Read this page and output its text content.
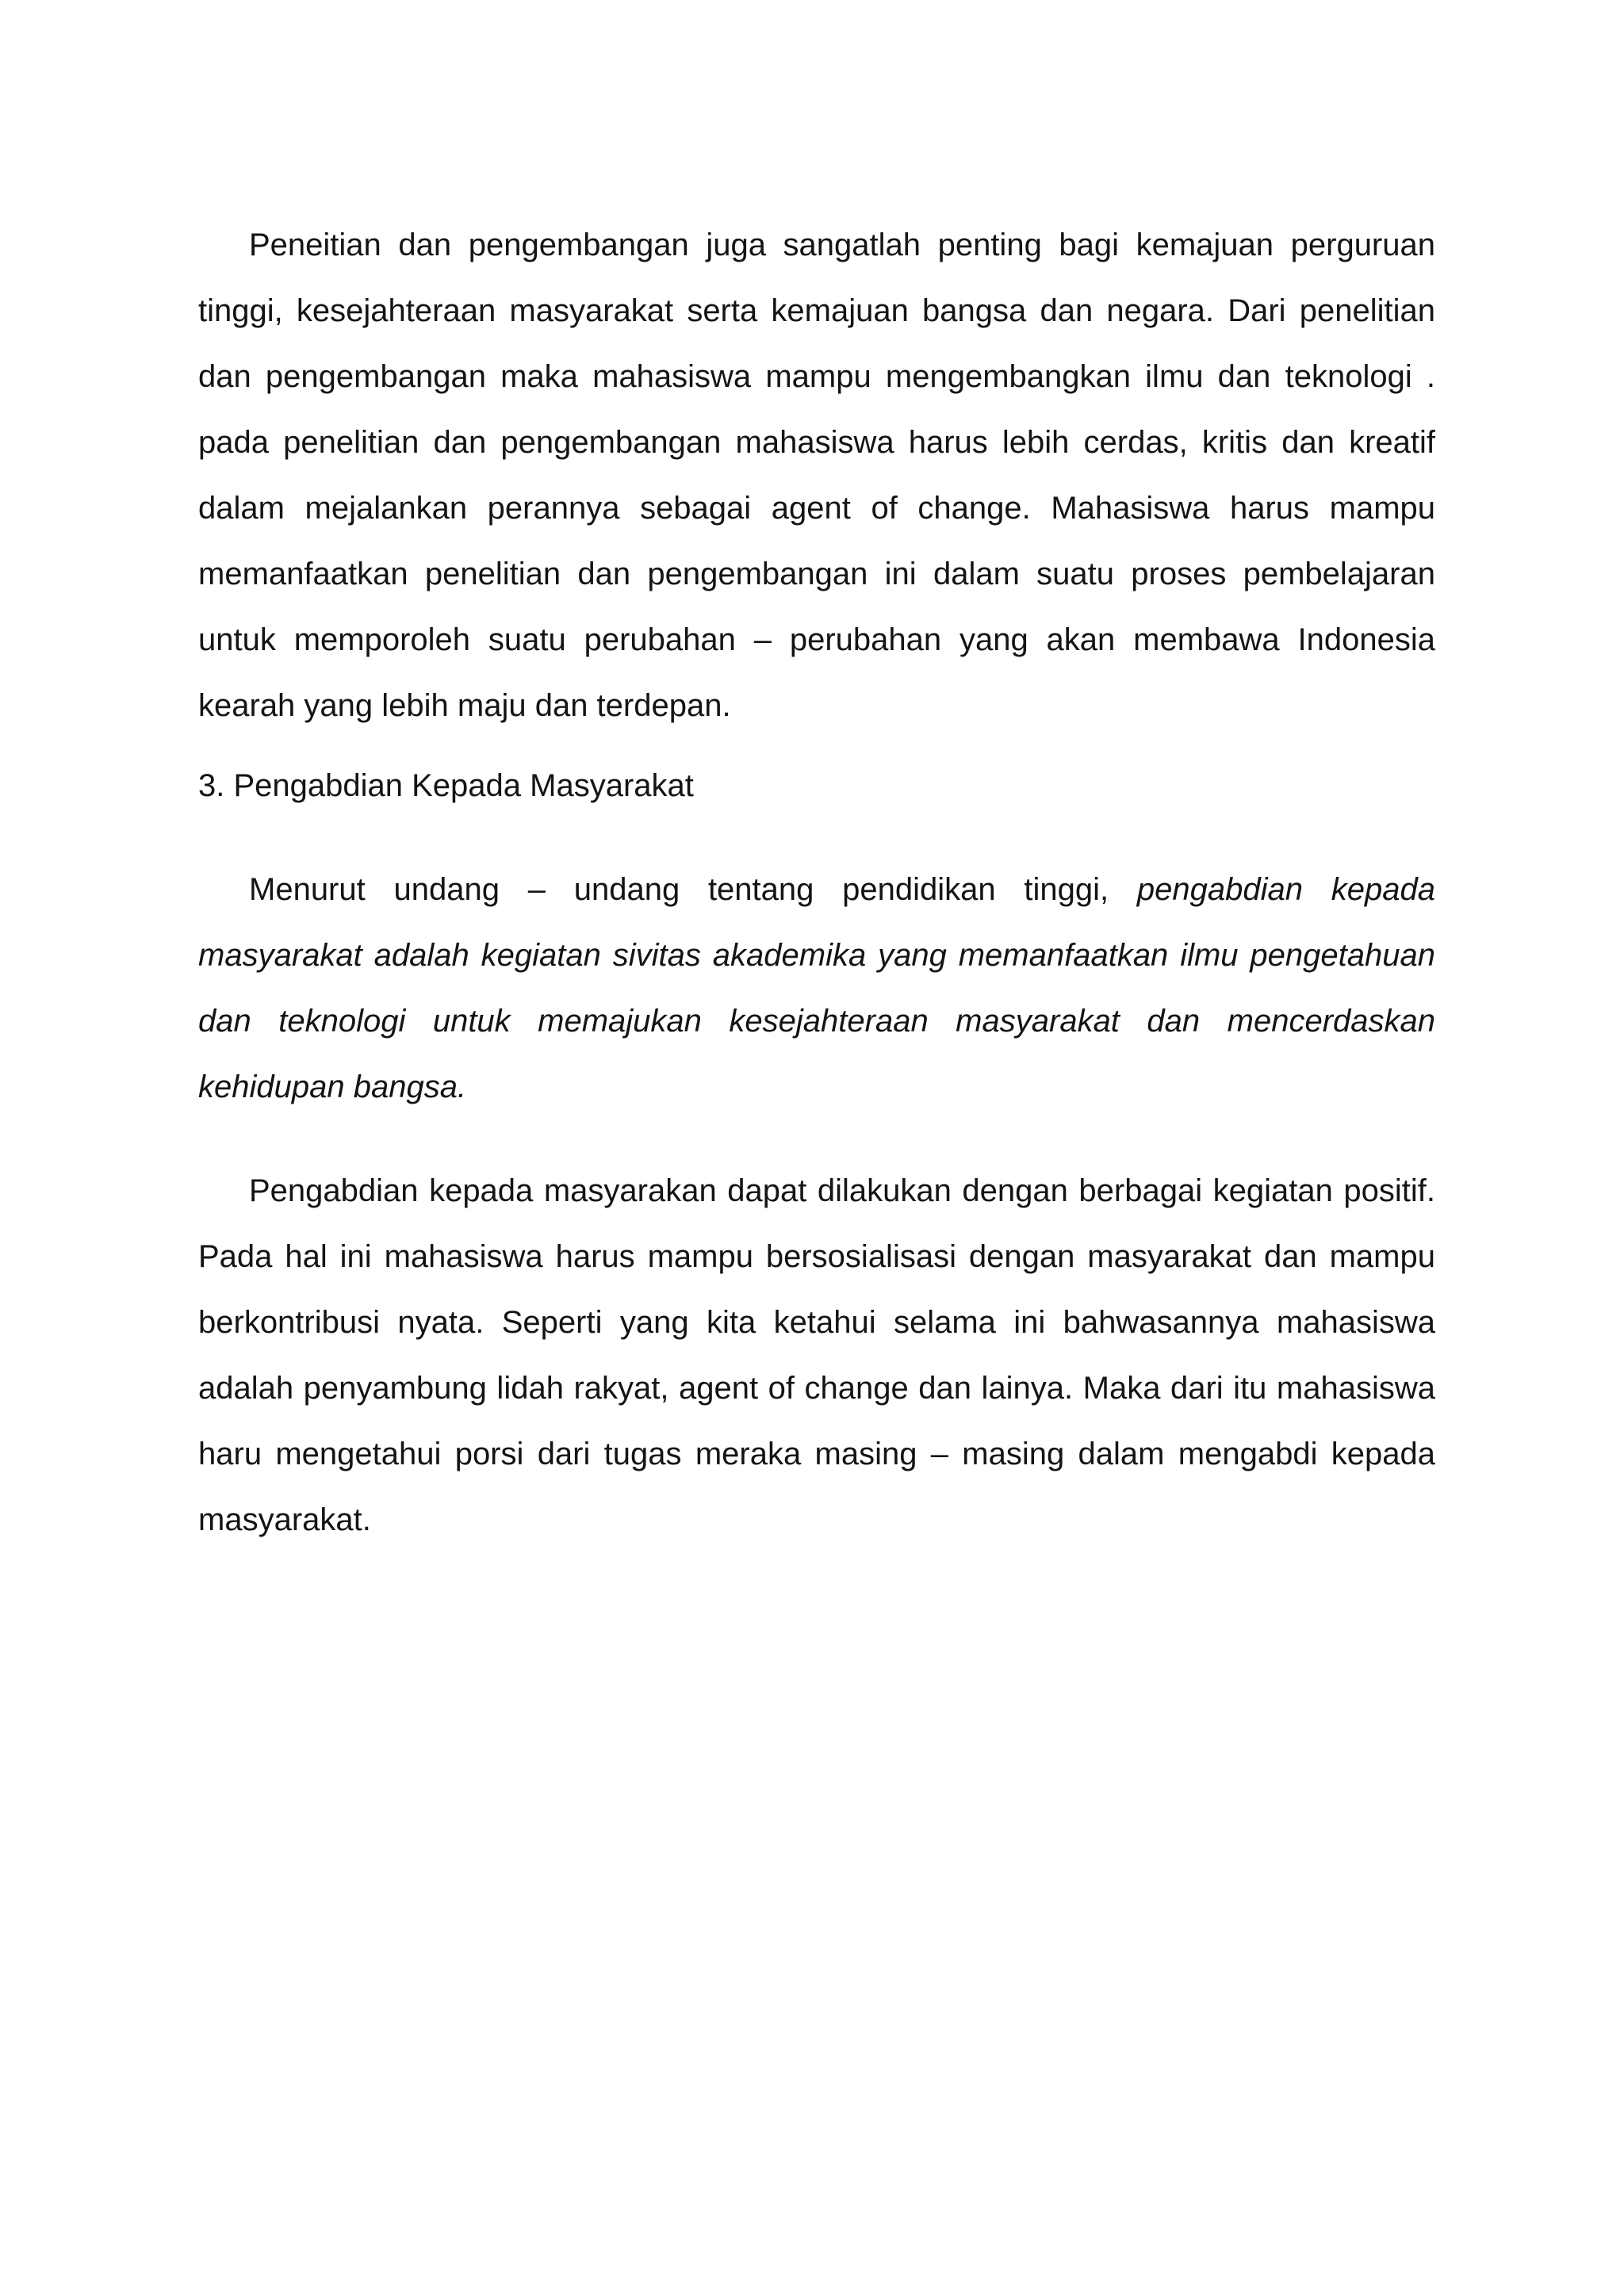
Peneitian dan pengembangan juga sangatlah penting bagi kemajuan perguruan tinggi, kesejahteraan masyarakat serta kemajuan bangsa dan negara. Dari penelitian dan pengembangan maka mahasiswa mampu mengembangkan ilmu dan teknologi . pada penelitian dan pengembangan mahasiswa harus lebih cerdas, kritis dan kreatif dalam mejalankan perannya sebagai agent of change. Mahasiswa harus mampu memanfaatkan penelitian dan pengembangan ini dalam suatu proses pembelajaran untuk memporoleh suatu perubahan – perubahan yang akan membawa Indonesia kearah yang lebih maju dan terdepan.

3. Pengabdian Kepada Masyarakat

Menurut undang – undang tentang pendidikan tinggi, pengabdian kepada masyarakat adalah kegiatan sivitas akademika yang memanfaatkan ilmu pengetahuan dan teknologi untuk memajukan kesejahteraan masyarakat dan mencerdaskan kehidupan bangsa.

Pengabdian kepada masyarakan dapat dilakukan dengan berbagai kegiatan positif. Pada hal ini mahasiswa harus mampu bersosialisasi dengan masyarakat dan mampu berkontribusi nyata. Seperti yang kita ketahui selama ini bahwasannya mahasiswa adalah penyambung lidah rakyat, agent of change dan lainya. Maka dari itu mahasiswa haru mengetahui porsi dari tugas meraka masing – masing dalam mengabdi kepada masyarakat.
